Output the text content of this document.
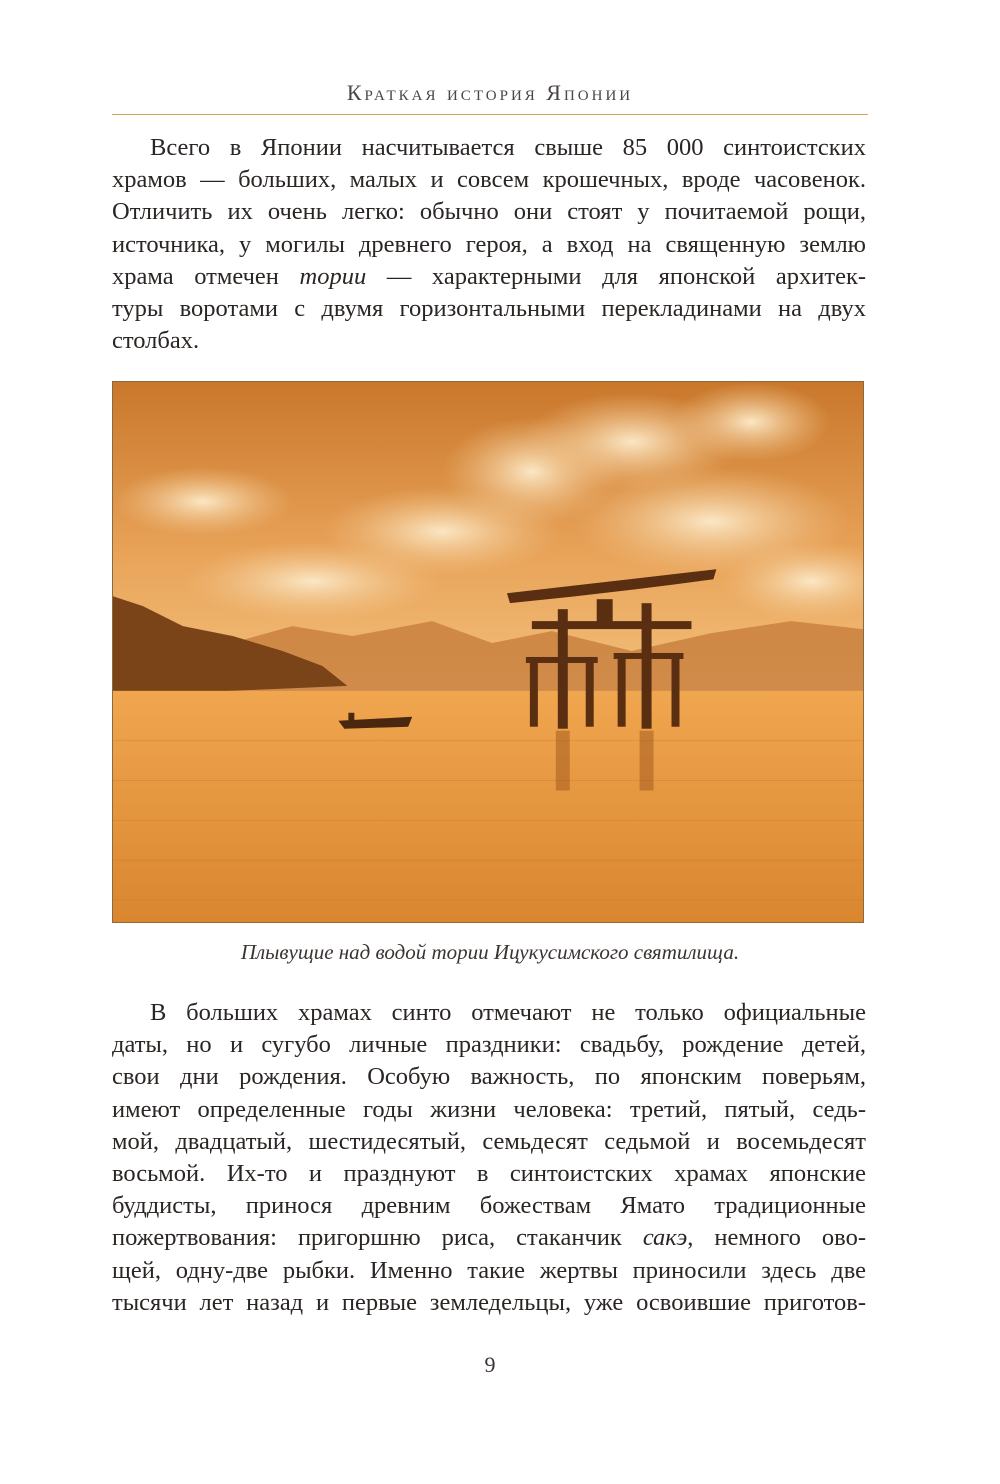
Краткая история Японии
Всего в Японии насчитывается свыше 85 000 синтоистских
храмов — больших, малых и совсем крошечных, вроде часовенок.
Отличить их очень легко: обычно они стоят у почитаемой рощи,
источника, у могилы древнего героя, а вход на священную землю
храма отмечен тории — характерными для японской архитек-
туры воротами с двумя горизонтальными перекладинами на двух
столбах.
Плывущие над водой тории Ицукусимского святилища.
В больших храмах синто отмечают не только официальные
даты, но и сугубо личные праздники: свадьбу, рождение детей,
свои дни рождения. Особую важность, по японским поверьям,
имеют определенные годы жизни человека: третий, пятый, седь-
мой, двадцатый, шестидесятый, семьдесят седьмой и восемьдесят
восьмой. Их-то и празднуют в синтоистских храмах японские
буддисты, принося древним божествам Ямато традиционные
пожертвования: пригоршню риса, стаканчик сакэ, немного ово-
щей, одну-две рыбки. Именно такие жертвы приносили здесь две
тысячи лет назад и первые земледельцы, уже освоившие приготов-
9
